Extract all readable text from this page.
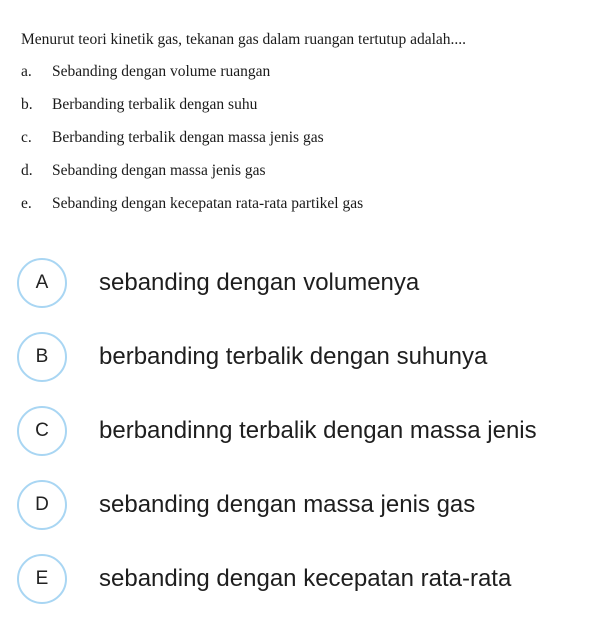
Menurut teori kinetik gas, tekanan gas dalam ruangan tertutup adalah....

a.	Sebanding dengan volume ruangan
b.	Berbanding terbalik dengan suhu
c.	Berbanding terbalik dengan massa jenis gas
d.	Sebanding dengan massa jenis gas
e.	Sebanding dengan kecepatan rata-rata partikel gas
A	sebanding dengan volumenya
B	berbanding terbalik dengan suhunya
C	berbandinng terbalik dengan massa jenis
D	sebanding dengan massa jenis gas
E	sebanding dengan kecepatan rata-rata
